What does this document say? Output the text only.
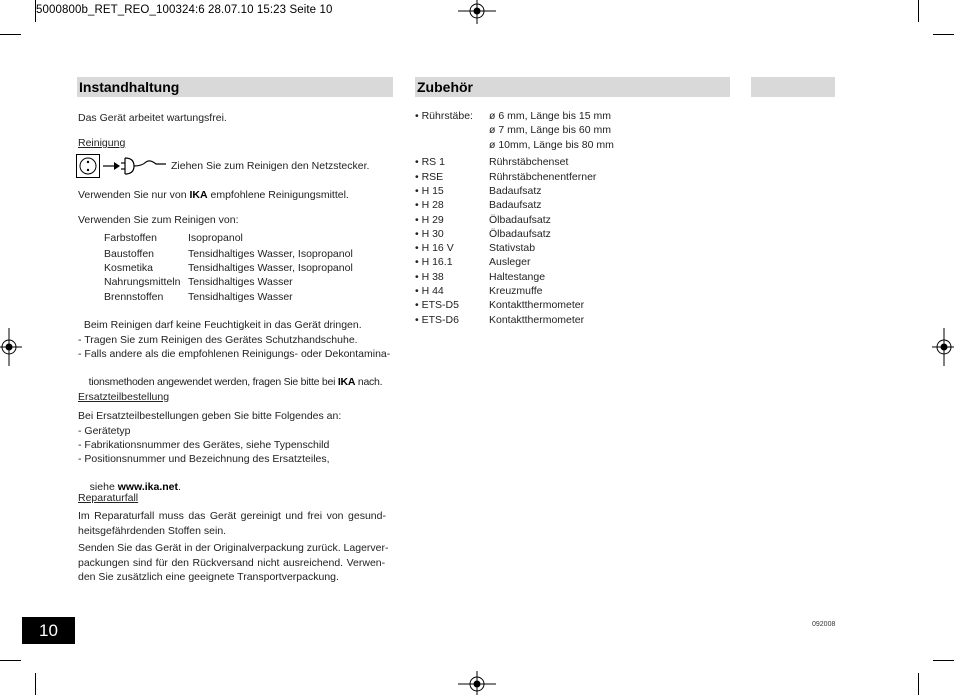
5000800b_RET_REO_100324:6 28.07.10 15:23 Seite 10
Instandhaltung	Zubehör
Das Gerät arbeitet wartungsfrei.
Reinigung
Ziehen Sie zum Reinigen den Netzstecker.
Verwenden Sie nur von IKA empfohlene Reinigungsmittel.
Verwenden Sie zum Reinigen von:
Farbstoffen	Isopropanol
Baustoffen	Tensidhaltiges Wasser, Isopropanol
Kosmetika	Tensidhaltiges Wasser, Isopropanol
Nahrungsmitteln Tensidhaltiges Wasser
Brennstoffen Tensidhaltiges Wasser
Beim Reinigen darf keine Feuchtigkeit in das Gerät dringen.
- Tragen Sie zum Reinigen des Gerätes Schutzhandschuhe.
- Falls andere als die empfohlenen Reinigungs- oder Dekontamina-

tionsmethoden angewendet werden, fragen Sie bitte bei IKA nach.

Ersatzteilbestellung
Bei Ersatzteilbestellungen geben Sie bitte Folgendes an:
- Gerätetyp
- Fabrikationsnummer des Gerätes, siehe Typenschild
- Positionsnummer und Bezeichnung des Ersatzteiles,

siehe www.ika.net.

Reparaturfall
Im Reparaturfall muss das Gerät gereinigt und frei von gesund-
heitsgefährdenden Stoffen sein.
Senden Sie das Gerät in der Originalverpackung zurück. Lagerver-
packungen sind für den Rückversand nicht ausreichend. Verwen-
den Sie zusätzlich eine geeignete Transportverpackung.
• Rührstäbe: ø 6 mm, Länge bis 15 mm
ø 7 mm, Länge bis 60 mm
ø 10mm, Länge bis 80 mm
• RS 1	Rührstäbchenset
• RSE	Rührstäbchenentferner
• H 15	Badaufsatz
• H 28	Badaufsatz
• H 29	Ölbadaufsatz
• H 30	Ölbadaufsatz
• H 16 V	Stativstab
• H 16.1	Ausleger
• H 38	Haltestange
• H 44	Kreuzmuffe
• ETS-D5	Kontaktthermometer
• ETS-D6	Kontaktthermometer
10	092008
